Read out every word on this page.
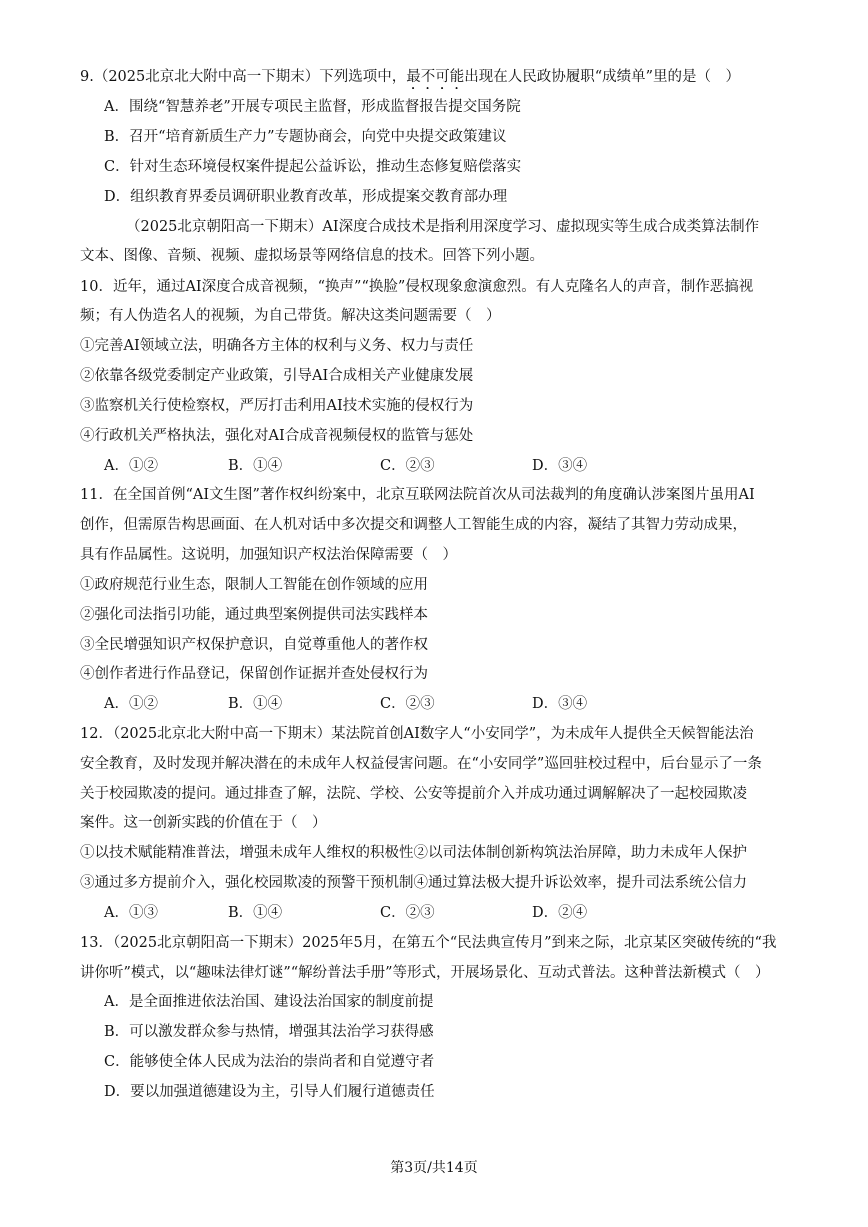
9.（2025北京北大附中高一下期末）下列选项中，最不可能出现在人民政协履职“成绩单”里的是（　）
A．围绕“智慧养老”开展专项民主监督，形成监督报告提交国务院
B．召开“培育新质生产力”专题协商会，向党中央提交政策建议
C．针对生态环境侵权案件提起公益诉讼，推动生态修复赔偿落实
D．组织教育界委员调研职业教育改革，形成提案交教育部办理
（2025北京朝阳高一下期末）AI深度合成技术是指利用深度学习、虚拟现实等生成合成类算法制作
文本、图像、音频、视频、虚拟场景等网络信息的技术。回答下列小题。
10．近年，通过AI深度合成音视频，“换声”“换脸”侵权现象愈演愈烈。有人克隆名人的声音，制作恶搞视
频；有人伪造名人的视频，为自己带货。解决这类问题需要（　）
①完善AI领域立法，明确各方主体的权利与义务、权力与责任
②依靠各级党委制定产业政策，引导AI合成相关产业健康发展
③监察机关行使检察权，严厉打击利用AI技术实施的侵权行为
④行政机关严格执法，强化对AI合成音视频侵权的监管与惩处
A．①②	B．①④	C．②③	D．③④
11．在全国首例“AI文生图”著作权纠纷案中，北京互联网法院首次从司法裁判的角度确认涉案图片虽用AI
创作，但需原告构思画面、在人机对话中多次提交和调整人工智能生成的内容，凝结了其智力劳动成果，
具有作品属性。这说明，加强知识产权法治保障需要（　）
①政府规范行业生态，限制人工智能在创作领域的应用
②强化司法指引功能，通过典型案例提供司法实践样本
③全民增强知识产权保护意识，自觉尊重他人的著作权
④创作者进行作品登记，保留创作证据并查处侵权行为
A．①②	B．①④	C．②③	D．③④
12．（2025北京北大附中高一下期末）某法院首创AI数字人“小安同学”，为未成年人提供全天候智能法治
安全教育，及时发现并解决潜在的未成年人权益侵害问题。在“小安同学”巡回驻校过程中，后台显示了一条
关于校园欺凌的提问。通过排查了解，法院、学校、公安等提前介入并成功通过调解解决了一起校园欺凌
案件。这一创新实践的价值在于（　）
①以技术赋能精准普法，增强未成年人维权的积极性②以司法体制创新构筑法治屏障，助力未成年人保护
③通过多方提前介入，强化校园欺凌的预警干预机制④通过算法极大提升诉讼效率，提升司法系统公信力
A．①③	B．①④	C．②③	D．②④
13．（2025北京朝阳高一下期末）2025年5月，在第五个“民法典宣传月”到来之际，北京某区突破传统的“我
讲你听”模式，以“趣味法律灯谜”“解纷普法手册”等形式，开展场景化、互动式普法。这种普法新模式（　）
A．是全面推进依法治国、建设法治国家的制度前提
B．可以激发群众参与热情，增强其法治学习获得感
C．能够使全体人民成为法治的崇尚者和自觉遵守者
D．要以加强道德建设为主，引导人们履行道德责任
第3页/共14页
